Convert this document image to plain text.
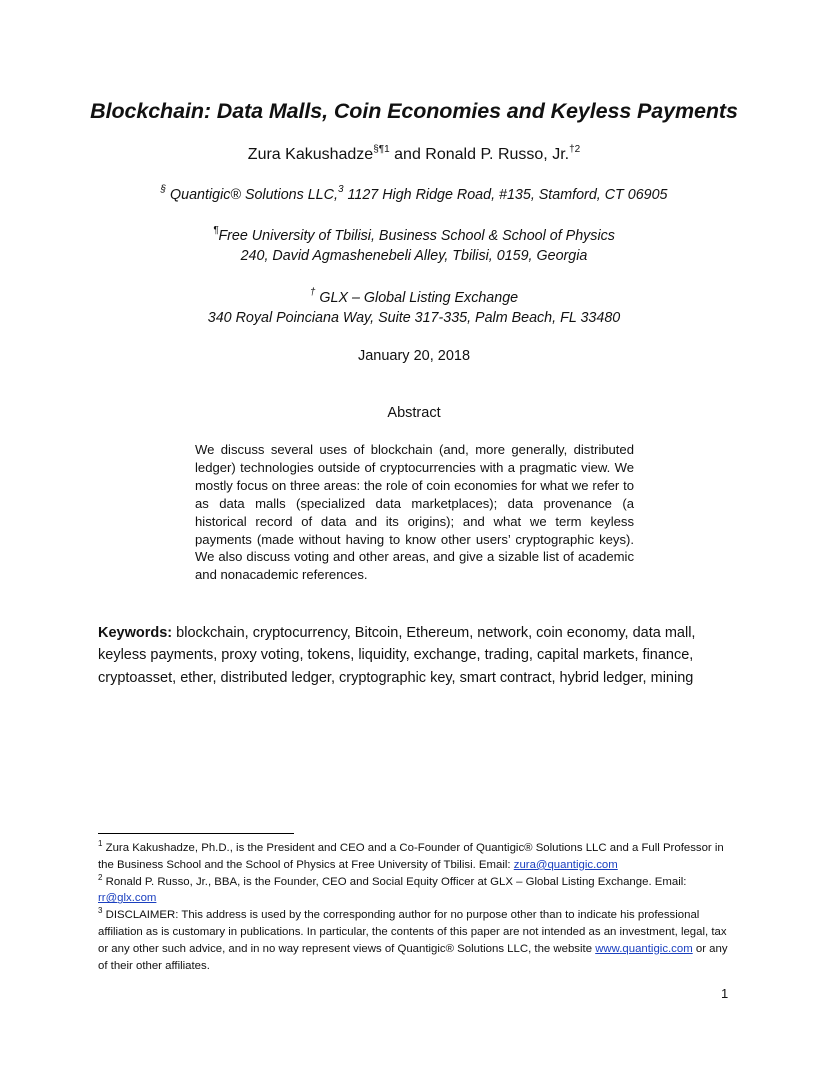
Blockchain: Data Malls, Coin Economies and Keyless Payments
Zura Kakushadze$^{\S\P 1}$ and Ronald P. Russo, Jr.$^{\dagger 2}$
§ Quantigic® Solutions LLC,$^3$ 1127 High Ridge Road, #135, Stamford, CT 06905
¶Free University of Tbilisi, Business School & School of Physics
240, David Agmashenebeli Alley, Tbilisi, 0159, Georgia
† GLX – Global Listing Exchange
340 Royal Poinciana Way, Suite 317-335, Palm Beach, FL 33480
January 20, 2018
Abstract
We discuss several uses of blockchain (and, more generally, distributed ledger) technologies outside of cryptocurrencies with a pragmatic view. We mostly focus on three areas: the role of coin economies for what we refer to as data malls (specialized data marketplaces); data provenance (a historical record of data and its origins); and what we term keyless payments (made without having to know other users’ cryptographic keys). We also discuss voting and other areas, and give a sizable list of academic and nonacademic references.
Keywords: blockchain, cryptocurrency, Bitcoin, Ethereum, network, coin economy, data mall, keyless payments, proxy voting, tokens, liquidity, exchange, trading, capital markets, finance, cryptoasset, ether, distributed ledger, cryptographic key, smart contract, hybrid ledger, mining

$^1$ Zura Kakushadze, Ph.D., is the President and CEO and a Co-Founder of Quantigic® Solutions LLC and a Full Professor in the Business School and the School of Physics at Free University of Tbilisi. Email: zura@quantigic.com

$^2$ Ronald P. Russo, Jr., BBA, is the Founder, CEO and Social Equity Officer at GLX – Global Listing Exchange. Email: rr@glx.com

$^3$ DISCLAIMER: This address is used by the corresponding author for no purpose other than to indicate his professional affiliation as is customary in publications. In particular, the contents of this paper are not intended as an investment, legal, tax or any other such advice, and in no way represent views of Quantigic® Solutions LLC, the website www.quantigic.com or any of their other affiliates.

1
